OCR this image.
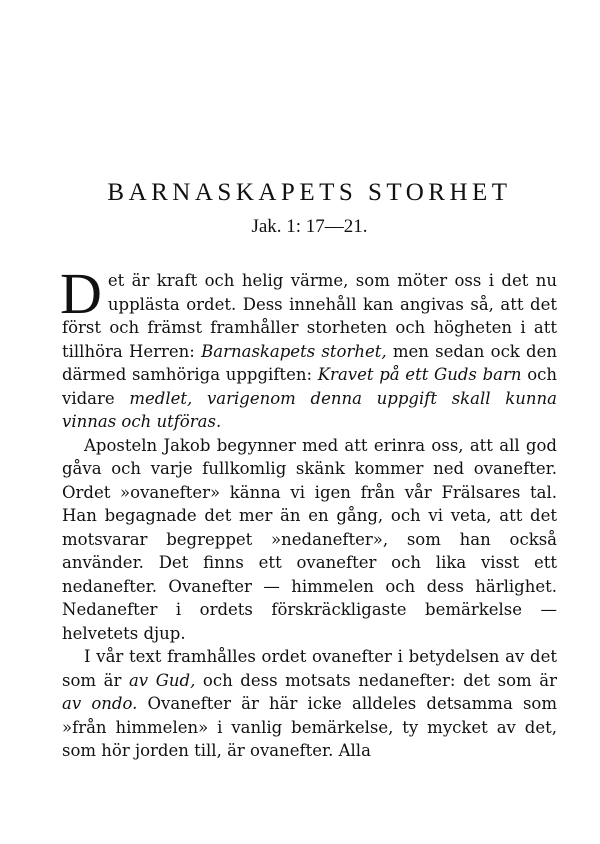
BARNASKAPETS STORHET
Jak. 1: 17—21.

Det är kraft och helig värme, som möter oss i det nu upplästa ordet. Dess innehåll kan angivas så, att det först och främst framhåller storheten och högheten i att tillhöra Herren: Barnaskapets storhet, men sedan ock den därmed samhöriga uppgiften: Kravet på ett Guds barn och vidare medlet, varigenom denna uppgift skall kunna vinnas och utföras.

Aposteln Jakob begynner med att erinra oss, att all god gåva och varje fullkomlig skänk kommer ned ovanefter. Ordet »ovanefter» känna vi igen från vår Frälsares tal. Han begagnade det mer än en gång, och vi veta, att det motsvarar begreppet »nedanefter», som han också använder. Det finns ett ovanefter och lika visst ett nedanefter. Ovanefter — himmelen och dess härlighet. Nedanefter i ordets förskräckligaste bemärkelse — helvetets djup.

I vår text framhålles ordet ovanefter i betydelsen av det som är av Gud, och dess motsats nedanefter: det som är av ondo. Ovanefter är här icke alldeles detsamma som »från himmelen» i vanlig bemärkelse, ty mycket av det, som hör jorden till, är ovanefter. Alla
